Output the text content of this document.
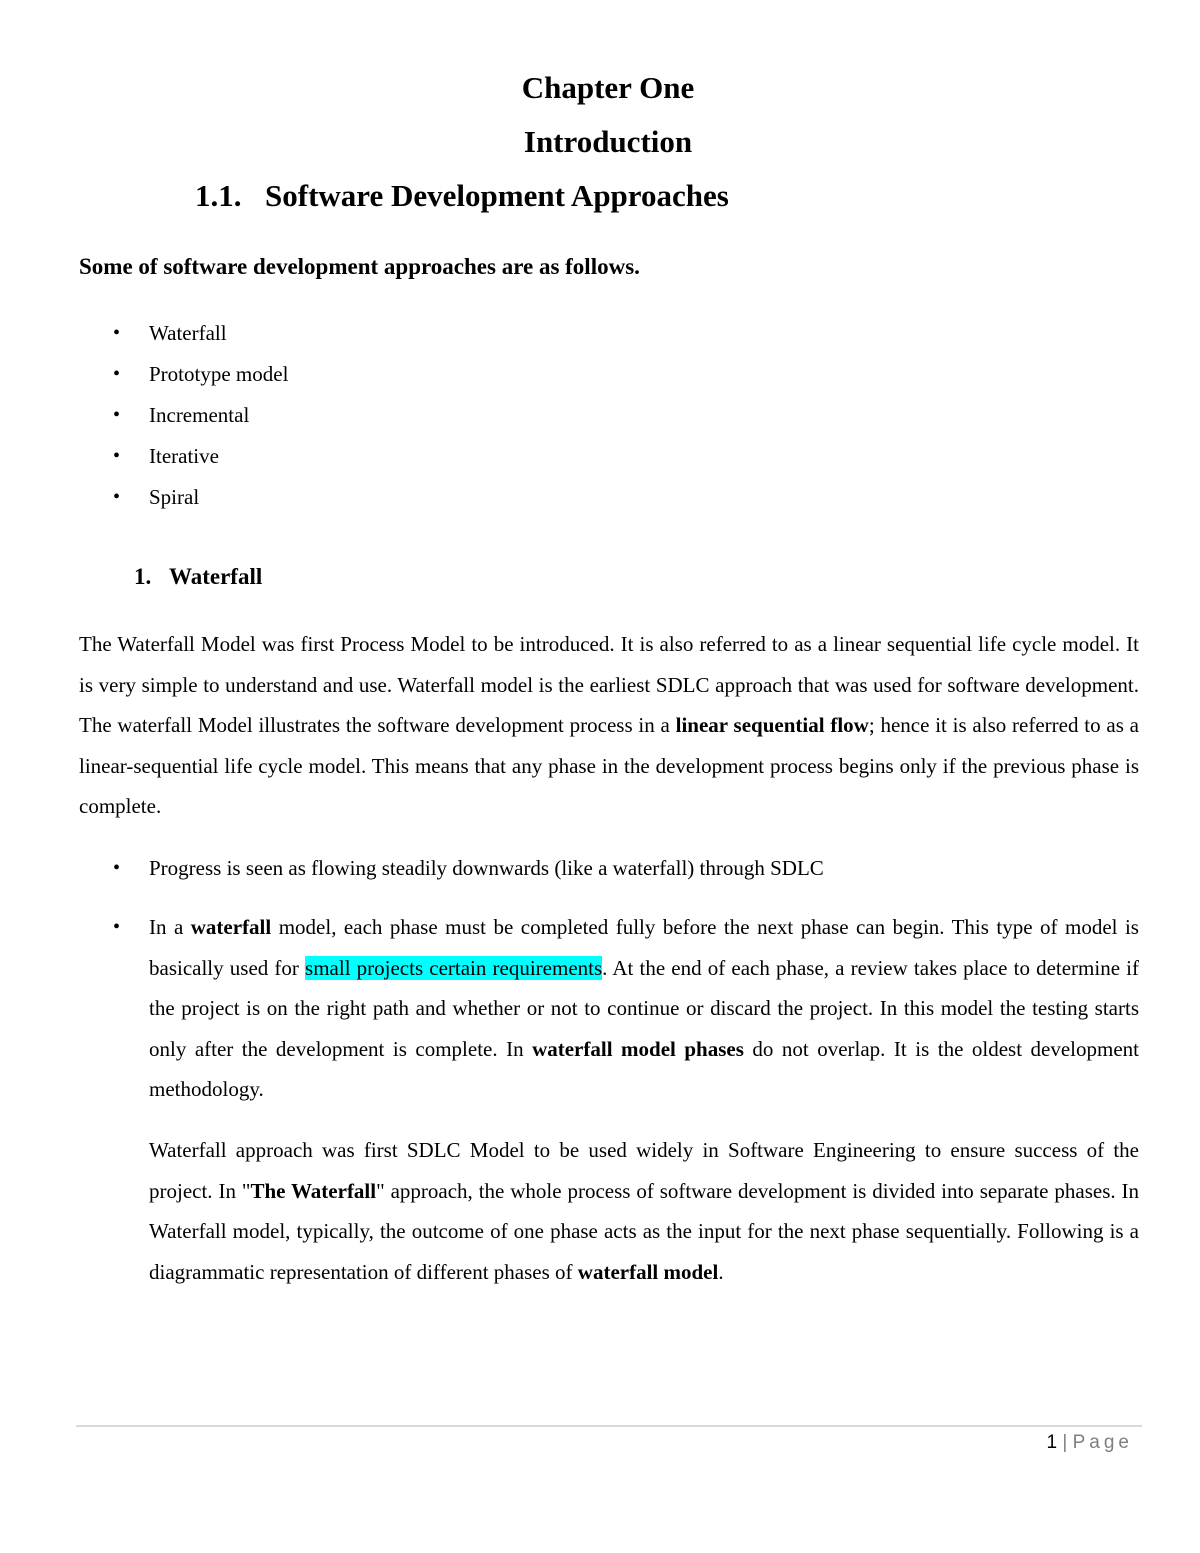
Chapter One
Introduction
1.1. Software Development Approaches

Some of software development approaches are as follows.

• Waterfall
• Prototype model
• Incremental
• Iterative
• Spiral
1. Waterfall

The Waterfall Model was first Process Model to be introduced. It is also referred to as a linear sequential life cycle model. It is very simple to understand and use. Waterfall model is the earliest SDLC approach that was used for software development. The waterfall Model illustrates the software development process in a linear sequential flow; hence it is also referred to as a linear-sequential life cycle model. This means that any phase in the development process begins only if the previous phase is complete.

• Progress is seen as flowing steadily downwards (like a waterfall) through SDLC

• In a waterfall model, each phase must be completed fully before the next phase can begin. This type of model is basically used for small projects certain requirements. At the end of each phase, a review takes place to determine if the project is on the right path and whether or not to continue or discard the project. In this model the testing starts only after the development is complete. In waterfall model phases do not overlap. It is the oldest development methodology.

Waterfall approach was first SDLC Model to be used widely in Software Engineering to ensure success of the project. In "The Waterfall" approach, the whole process of software development is divided into separate phases. In Waterfall model, typically, the outcome of one phase acts as the input for the next phase sequentially. Following is a diagrammatic representation of different phases of waterfall model.

1 | Page
